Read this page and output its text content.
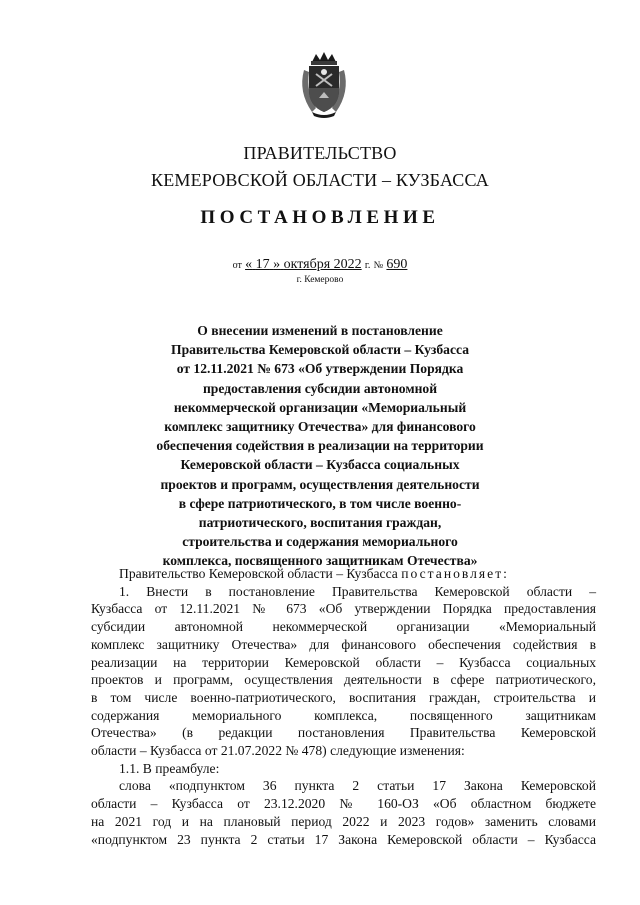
ПРАВИТЕЛЬСТВО
КЕМЕРОВСКОЙ ОБЛАСТИ – КУЗБАССА
ПОСТАНОВЛЕНИЕ
от « 17 » октября 2022 г. № 690
г. Кемерово
О внесении изменений в постановление
Правительства Кемеровской области – Кузбасса
от 12.11.2021 № 673 «Об утверждении Порядка
предоставления субсидии автономной
некоммерческой организации «Мемориальный
комплекс защитнику Отечества» для финансового
обеспечения содействия в реализации на территории
Кемеровской области – Кузбасса социальных
проектов и программ, осуществления деятельности
в сфере патриотического, в том числе военно-
патриотического, воспитания граждан,
строительства и содержания мемориального
комплекса, посвященного защитникам Отечества»
Правительство Кемеровской области – Кузбасса постановляет:
1. Внести в постановление Правительства Кемеровской области –
Кузбасса от 12.11.2021 № 673 «Об утверждении Порядка предоставления
субсидии автономной некоммерческой организации «Мемориальный
комплекс защитнику Отечества» для финансового обеспечения содействия в
реализации на территории Кемеровской области – Кузбасса социальных
проектов и программ, осуществления деятельности в сфере патриотического,
в том числе военно-патриотического, воспитания граждан, строительства и
содержания мемориального комплекса, посвященного защитникам
Отечества» (в редакции постановления Правительства Кемеровской
области – Кузбасса от 21.07.2022 № 478) следующие изменения:
1.1. В преамбуле:
слова «подпунктом 36 пункта 2 статьи 17 Закона Кемеровской
области – Кузбасса от 23.12.2020 № 160-ОЗ «Об областном бюджете
на 2021 год и на плановый период 2022 и 2023 годов» заменить словами
«подпунктом 23 пункта 2 статьи 17 Закона Кемеровской области – Кузбасса
